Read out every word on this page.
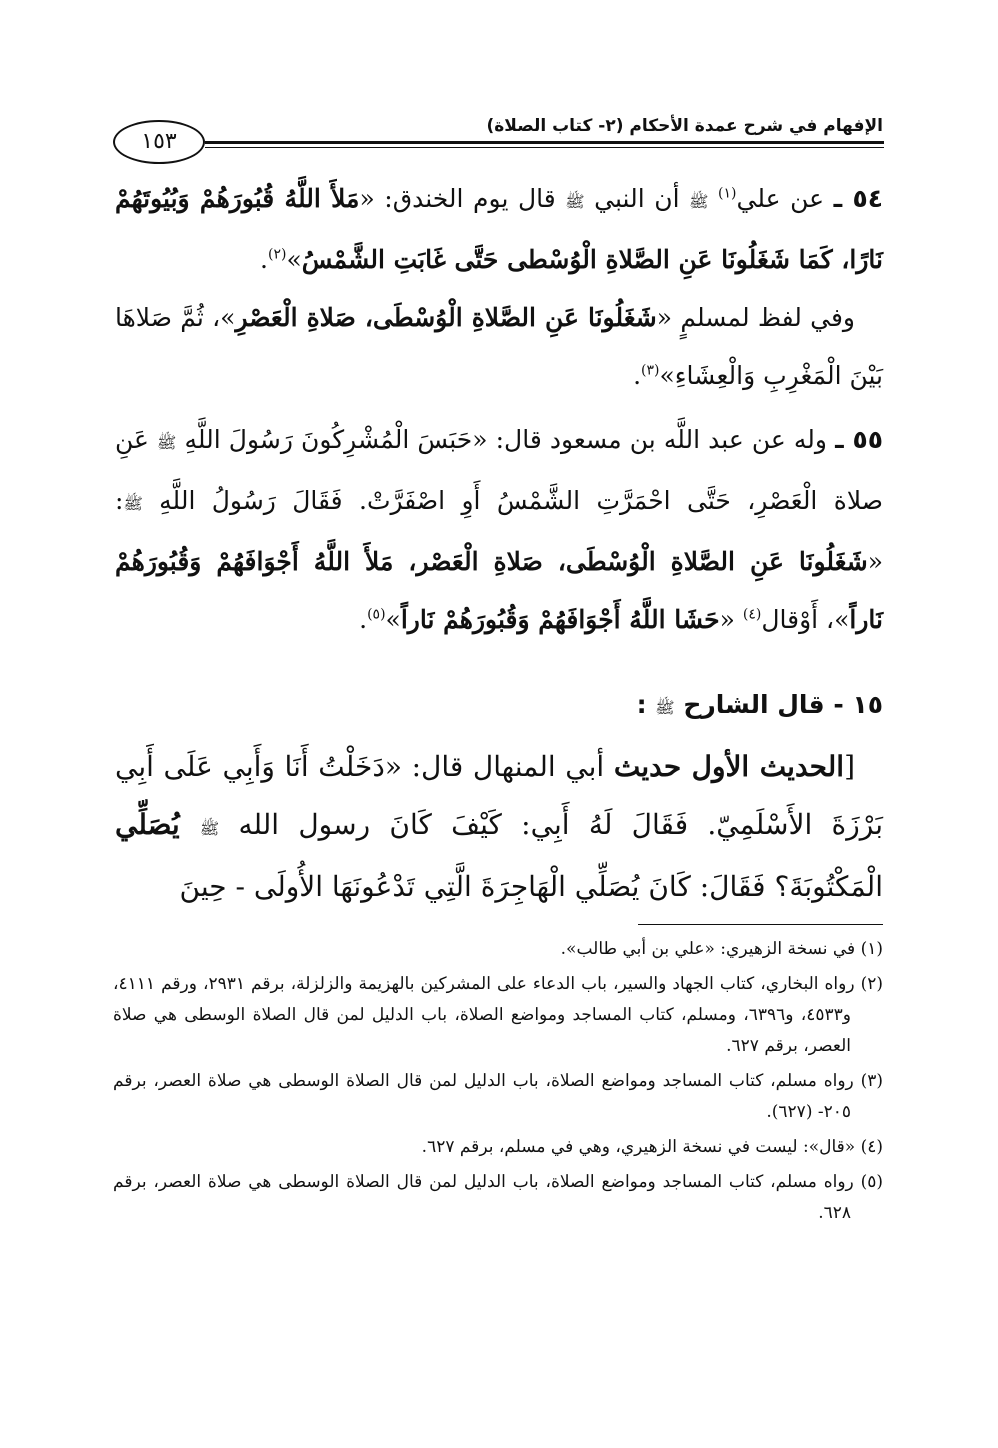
الإفهام في شرح عمدة الأحكام (٢- كتاب الصلاة)
١٥٣

٥٤ ـ عن علي$^{(١)}$ ﷺ أن النبي ﷺ قال يوم الخندق: «مَلأَ اللَّهُ قُبُورَهُمْ وَبُيُوتَهُمْ نَارًا، كَمَا شَغَلُونَا عَنِ الصَّلاةِ الْوُسْطى حَتَّى غَابَتِ الشَّمْسُ»$^{(٢)}$.

وفي لفظ لمسلمٍ «شَغَلُونَا عَنِ الصَّلاةِ الْوُسْطَى، صَلاةِ الْعَصْرِ»، ثُمَّ صَلاهَا بَيْنَ الْمَغْرِبِ وَالْعِشَاءِ»$^{(٣)}$.

٥٥ ـ وله عن عبد اللَّه بن مسعود قال: «حَبَسَ الْمُشْرِكُونَ رَسُولَ اللَّهِ ﷺ عَنِ صلاة الْعَصْرِ، حَتَّى احْمَرَّتِ الشَّمْسُ أَوِ اصْفَرَّتْ. فَقَالَ رَسُولُ اللَّهِ ﷺ: «شَغَلُونَا عَنِ الصَّلاةِ الْوُسْطَى، صَلاةِ الْعَصْر، مَلأَ اللَّهُ أَجْوَافَهُمْ وَقُبُورَهُمْ نَاراً»، أَوْقال$^{(٤)}$ «حَشَا اللَّهُ أَجْوَافَهُمْ وَقُبُورَهُمْ نَاراً»$^{(٥)}$.

١٥ - قال الشارح ﷺ :

[الحديث الأول حديث أبي المنهال قال: «دَخَلْتُ أَنَا وَأَبِي عَلَى أَبِي بَرْزَةَ الأَسْلَمِيّ. فَقَالَ لَهُ أَبِي: كَيْفَ كَانَ رسول الله ﷺ يُصَلِّي الْمَكْتُوبَةَ؟ فَقَالَ: كَانَ يُصَلِّي الْهَاجِرَةَ الَّتِي تَدْعُونَهَا الأُولَى - حِينَ

(١) في نسخة الزهيري: «علي بن أبي طالب».

(٢) رواه البخاري، كتاب الجهاد والسير، باب الدعاء على المشركين بالهزيمة والزلزلة، برقم ٢٩٣١، ورقم ٤١١١، و٤٥٣٣، و٦٣٩٦، ومسلم، كتاب المساجد ومواضع الصلاة، باب الدليل لمن قال الصلاة الوسطى هي صلاة العصر، برقم ٦٢٧.

(٣) رواه مسلم، كتاب المساجد ومواضع الصلاة، باب الدليل لمن قال الصلاة الوسطى هي صلاة العصر، برقم ٢٠٥- (٦٢٧).

(٤) «قال»: ليست في نسخة الزهيري، وهي في مسلم، برقم ٦٢٧.

(٥) رواه مسلم، كتاب المساجد ومواضع الصلاة، باب الدليل لمن قال الصلاة الوسطى هي صلاة العصر، برقم ٦٢٨.
